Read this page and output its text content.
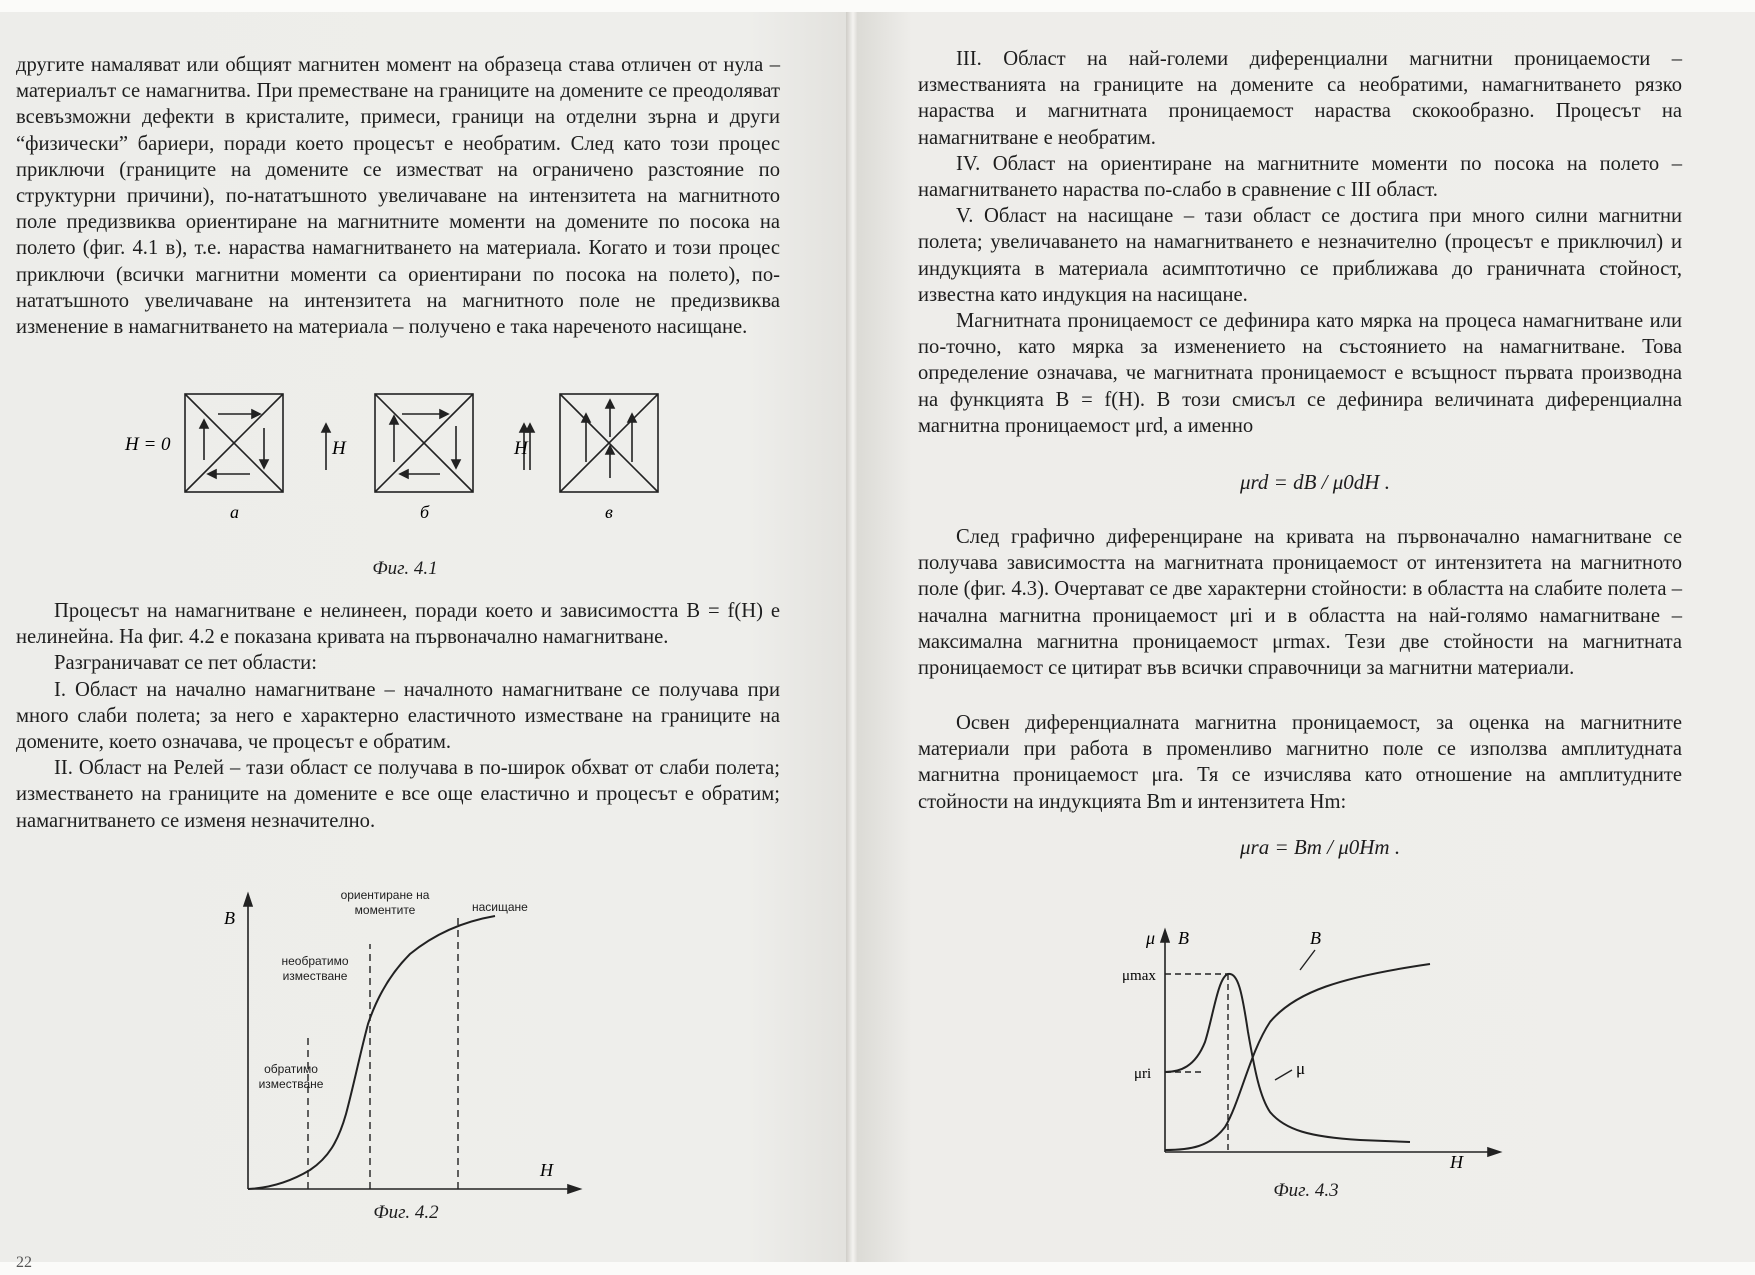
другите намаляват или общият магнитен момент на образеца става отличен от нула – материалът се намагнитва. При преместване на границите на домените се преодоляват всевъзможни дефекти в кристалите, примеси, граници на отделни зърна и други “физически” бариери, поради което процесът е необратим. След като този процес приключи (границите на домените се изместват на ограничено разстояние по структурни причини), по-нататъшното увеличаване на интензитета на магнитното поле предизвиква ориентиране на магнитните моменти на домените по посока на полето (фиг. 4.1 в), т.е. нараства намагнитването на материала. Когато и този процес приключи (всички магнитни моменти са ориентирани по посока на полето), по-нататъшното увеличаване на интензитета на магнитното поле не предизвиква изменение в намагнитването на материала – получено е така нареченото насищане.

H = 0	H	H
а	б	в
Фиг. 4.1

Процесът на намагнитване е нелинеен, поради което и зависимостта B = f(H) е нелинейна. На фиг. 4.2 е показана кривата на първоначално намагнитване.

Разграничават се пет области:

I. Област на начално намагнитване – началното намагнитване се получава при много слаби полета; за него е характерно еластичното изместване на границите на домените, което означава, че процесът е обратим.

II. Област на Релей – тази област се получава в по-широк обхват от слаби полета; изместването на границите на домените е все още еластично и процесът е обратим; намагнитването се изменя незначително.

B
H
ориентиране на моментите	насищане
необратимо изместване
обратимо изместване
Фиг. 4.2
22

III. Област на най-големи диференциални магнитни проницаемости – изместванията на границите на домените са необратими, намагнитването рязко нараства и магнитната проницаемост нараства скокообразно. Процесът на намагнитване е необратим.

IV. Област на ориентиране на магнитните моменти по посока на полето – намагнитването нараства по-слабо в сравнение с III област.

V. Област на насищане – тази област се достига при много силни магнитни полета; увеличаването на намагнитването е незначително (процесът е приключил) и индукцията в материала асимптотично се приближава до граничната стойност, известна като индукция на насищане.

Магнитната проницаемост се дефинира като мярка на процеса намагнитване или по-точно, като мярка за изменението на състоянието на намагнитване. Това определение означава, че магнитната проницаемост е всъщност първата производна на функцията B = f(H). В този смисъл се дефинира величината диференциална магнитна проницаемост μrd, а именно

μrd = dB / μ0dH .

След графично диференциране на кривата на първоначално намагнитване се получава зависимостта на магнитната проницаемост от интензитета на магнитното поле (фиг. 4.3). Очертават се две характерни стойности: в областта на слабите полета – начална магнитна проницаемост μri и в областта на най-голямо намагнитване – максимална магнитна проницаемост μrmax. Тези две стойности на магнитната проницаемост се цитират във всички справочници за магнитни материали.

Освен диференциалната магнитна проницаемост, за оценка на магнитните материали при работа в променливо магнитно поле се използва амплитудната магнитна проницаемост μra. Тя се изчислява като отношение на амплитудните стойности на индукцията Bm и интензитета Hm:

μra = Bm / μ0Hm .
μ B
H
μmax
μri	μ
B
Фиг. 4.3
